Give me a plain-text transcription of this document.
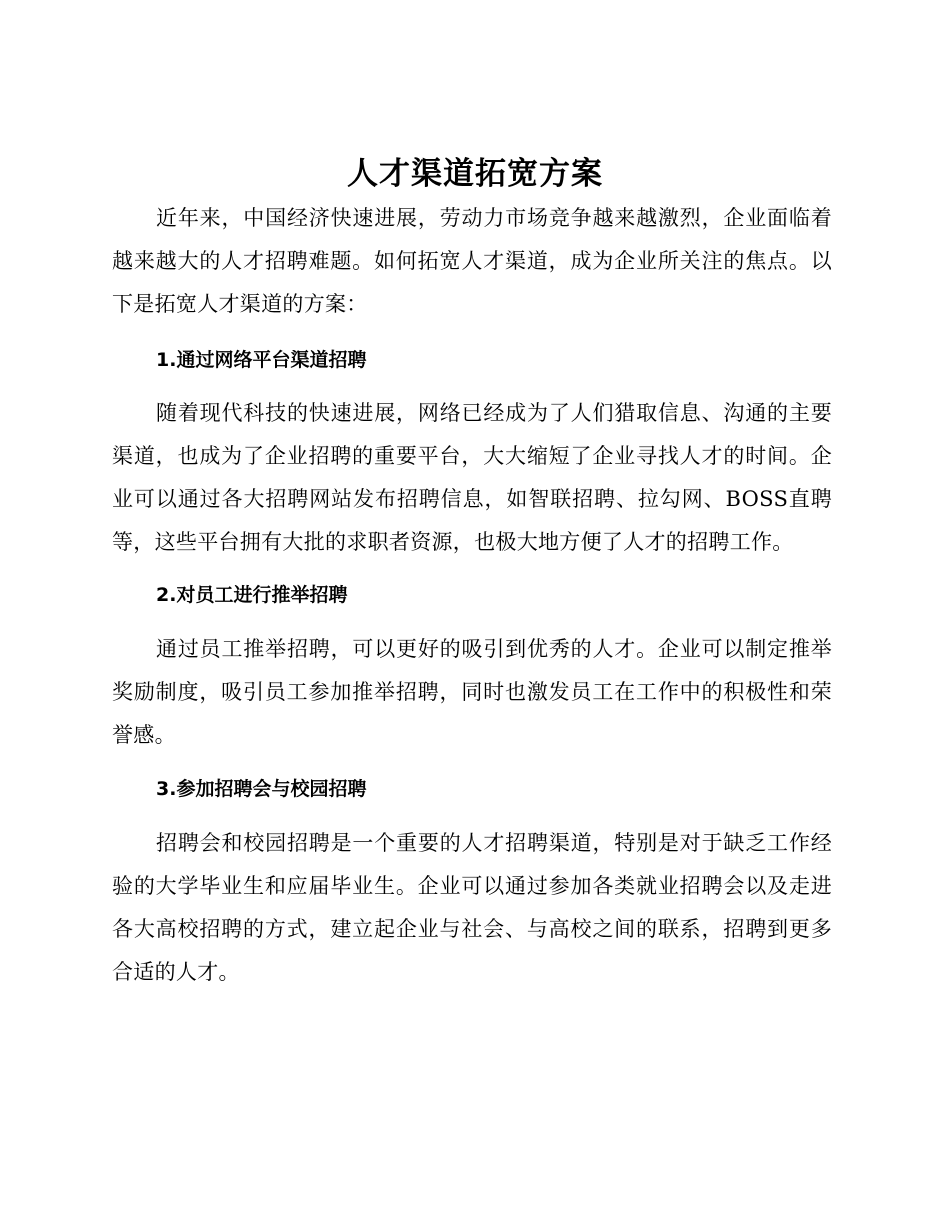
人才渠道拓宽方案

近年来，中国经济快速进展，劳动力市场竞争越来越激烈，企业面临着越来越大的人才招聘难题。如何拓宽人才渠道，成为企业所关注的焦点。以下是拓宽人才渠道的方案：

1.通过网络平台渠道招聘

随着现代科技的快速进展，网络已经成为了人们猎取信息、沟通的主要渠道，也成为了企业招聘的重要平台，大大缩短了企业寻找人才的时间。企业可以通过各大招聘网站发布招聘信息，如智联招聘、拉勾网、BOSS直聘等，这些平台拥有大批的求职者资源，也极大地方便了人才的招聘工作。

2.对员工进行推举招聘

通过员工推举招聘，可以更好的吸引到优秀的人才。企业可以制定推举奖励制度，吸引员工参加推举招聘，同时也激发员工在工作中的积极性和荣誉感。

3.参加招聘会与校园招聘

招聘会和校园招聘是一个重要的人才招聘渠道，特别是对于缺乏工作经验的大学毕业生和应届毕业生。企业可以通过参加各类就业招聘会以及走进各大高校招聘的方式，建立起企业与社会、与高校之间的联系，招聘到更多合适的人才。
